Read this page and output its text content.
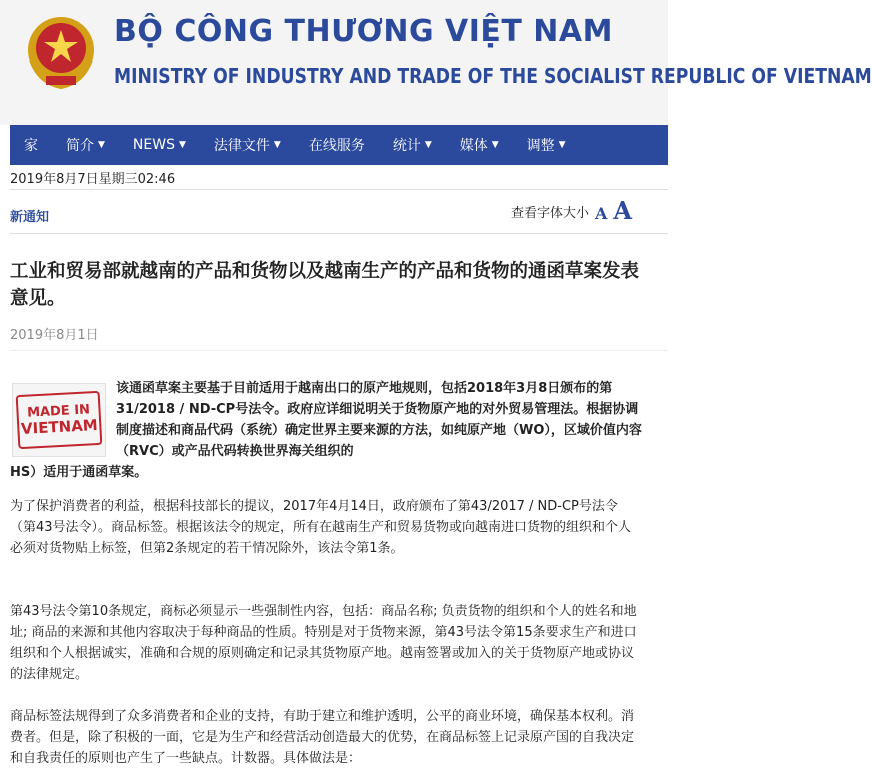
BỘ CÔNG THƯƠNG VIỆT NAM
MINISTRY OF INDUSTRY AND TRADE OF THE SOCIALIST REPUBLIC OF VIETNAM
家 简介 ▼ NEWS ▼ 法律文件 ▼ 在线服务 统计 ▼ 媒体 ▼ 调整 ▼
2019年8月7日星期三02:46
新通知	查看字体大小 A A
工业和贸易部就越南的产品和货物以及越南生产的产品和货物的通函草案发表意见。
2019年8月1日
MADE IN
VIETNAM
该通函草案主要基于目前适用于越南出口的原产地规则，包括2018年3月8日颁布的第31/2018 / ND-CP号法令。政府应详细说明关于货物原产地的对外贸易管理法。根据协调制度描述和商品代码（系统）确定世界主要来源的方法，如纯原产地（WO），区域价值内容（RVC）或产品代码转换世界海关组织的
HS）适用于通函草案。
为了保护消费者的利益，根据科技部长的提议，2017年4月14日，政府颁布了第43/2017 / ND-CP号法令（第43号法令）。商品标签。根据该法令的规定，所有在越南生产和贸易货物或向越南进口货物的组织和个人必须对货物贴上标签，但第2条规定的若干情况除外，该法令第1条。
第43号法令第10条规定，商标必须显示一些强制性内容，包括：商品名称; 负责货物的组织和个人的姓名和地址; 商品的来源和其他内容取决于每种商品的性质。特别是对于货物来源，第43号法令第15条要求生产和进口组织和个人根据诚实，准确和合规的原则确定和记录其货物原产地。越南签署或加入的关于货物原产地或协议的法律规定。
商品标签法规得到了众多消费者和企业的支持，有助于建立和维护透明，公平的商业环境，确保基本权利。消费者。但是，除了积极的一面，它是为生产和经营活动创造最大的优势，在商品标签上记录原产国的自我决定和自我责任的原则也产生了一些缺点。计数器。具体做法是：
